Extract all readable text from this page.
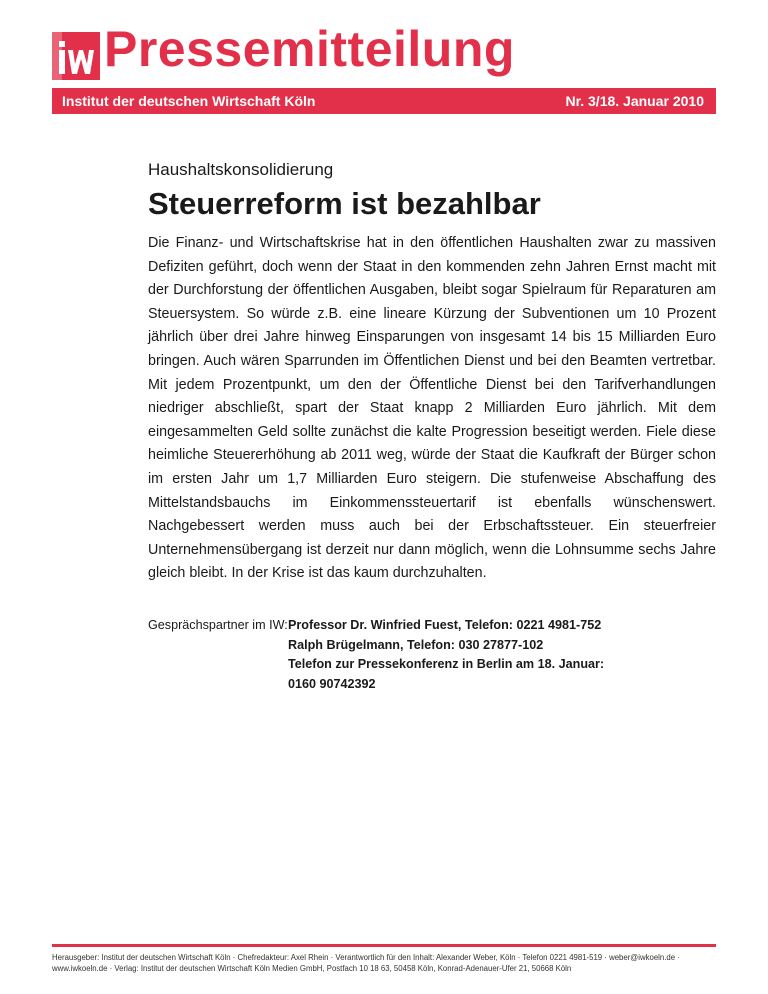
Pressemitteilung
Institut der deutschen Wirtschaft Köln	Nr. 3/18. Januar 2010
Haushaltskonsolidierung
Steuerreform ist bezahlbar
Die Finanz- und Wirtschaftskrise hat in den öffentlichen Haushalten zwar zu massiven Defiziten geführt, doch wenn der Staat in den kommenden zehn Jahren Ernst macht mit der Durchforstung der öffentlichen Ausgaben, bleibt sogar Spielraum für Reparaturen am Steuersystem. So würde z.B. eine lineare Kürzung der Subventionen um 10 Prozent jährlich über drei Jahre hinweg Einsparungen von insgesamt 14 bis 15 Milliarden Euro bringen. Auch wären Sparrunden im Öffentlichen Dienst und bei den Beamten vertretbar. Mit jedem Prozentpunkt, um den der Öffentliche Dienst bei den Tarifverhandlungen niedriger abschließt, spart der Staat knapp 2 Milliarden Euro jährlich. Mit dem eingesammelten Geld sollte zunächst die kalte Progression beseitigt werden. Fiele diese heimliche Steuererhöhung ab 2011 weg, würde der Staat die Kaufkraft der Bürger schon im ersten Jahr um 1,7 Milliarden Euro steigern. Die stufenweise Abschaffung des Mittelstandsbauchs im Einkommenssteuertarif ist ebenfalls wünschenswert. Nachgebessert werden muss auch bei der Erbschaftssteuer. Ein steuerfreier Unternehmensübergang ist derzeit nur dann möglich, wenn die Lohnsumme sechs Jahre gleich bleibt. In der Krise ist das kaum durchzuhalten.
Gesprächspartner im IW: Professor Dr. Winfried Fuest, Telefon: 0221 4981-752
Ralph Brügelmann, Telefon: 030 27877-102
Telefon zur Pressekonferenz in Berlin am 18. Januar:
0160 90742392
Herausgeber: Institut der deutschen Wirtschaft Köln · Chefredakteur: Axel Rhein · Verantwortlich für den Inhalt: Alexander Weber, Köln · Telefon 0221 4981-519 · weber@iwkoeln.de · www.iwkoeln.de · Verlag: Institut der deutschen Wirtschaft Köln Medien GmbH, Postfach 10 18 63, 50458 Köln, Konrad-Adenauer-Ufer 21, 50668 Köln
